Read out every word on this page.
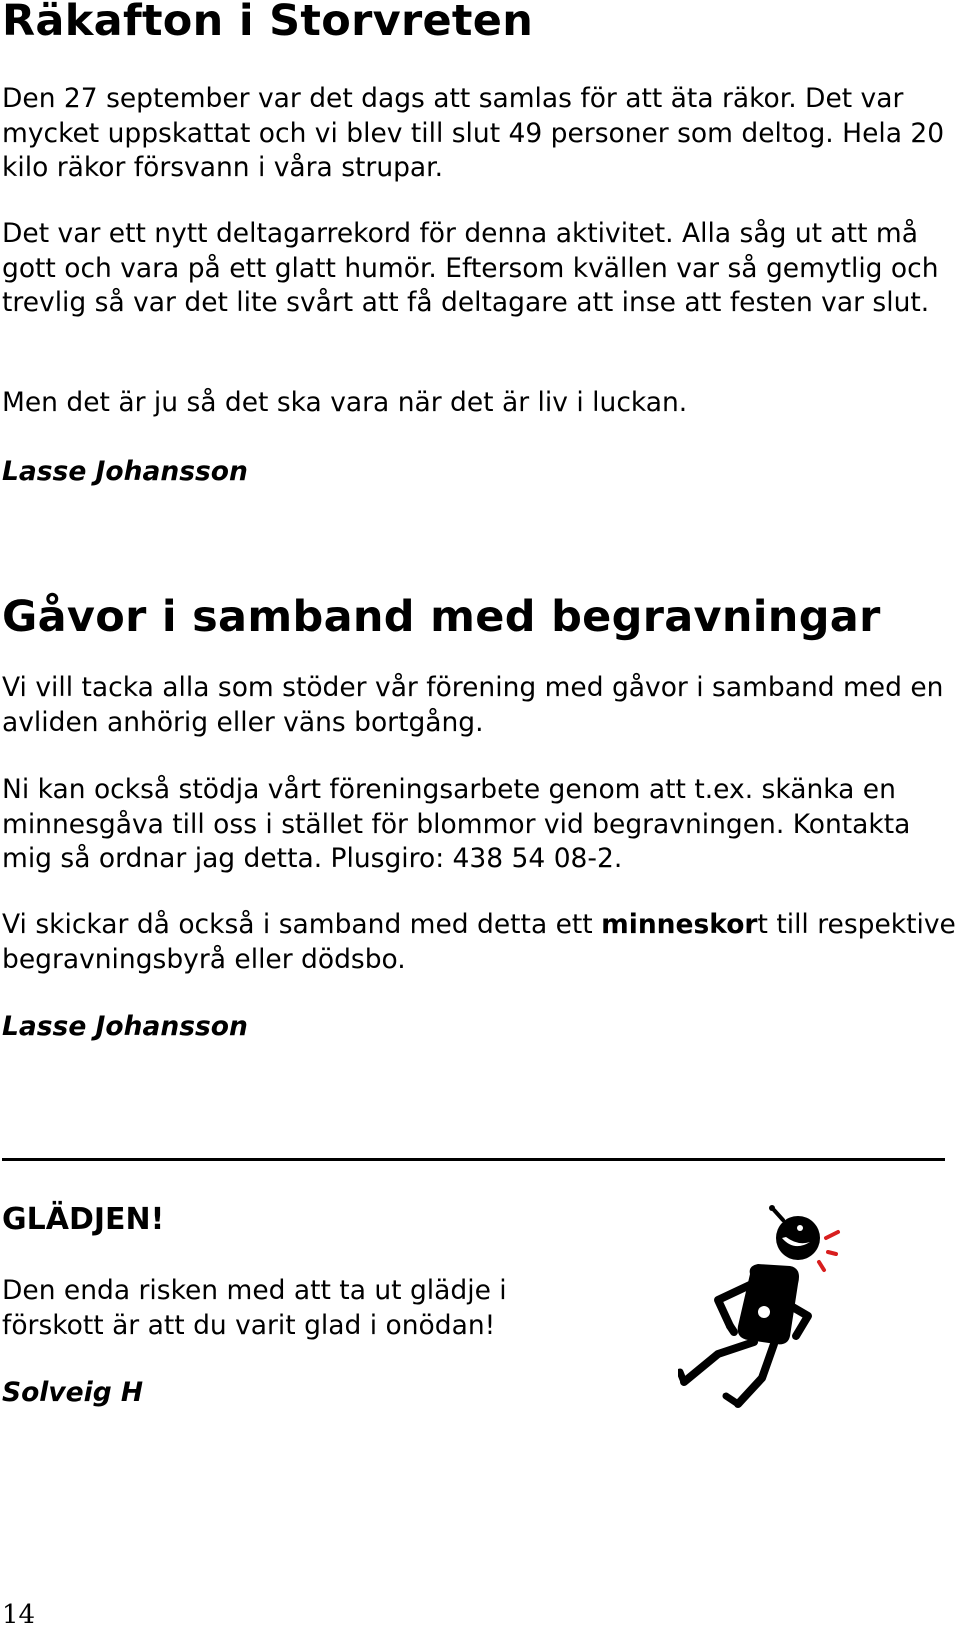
Räkafton i Storvreten

Den 27 september var det dags att samlas för att äta räkor. Det var mycket uppskattat och vi blev till slut 49 personer som deltog. Hela 20 kilo räkor försvann i våra strupar.

Det var ett nytt deltagarrekord för denna aktivitet. Alla såg ut att må gott och vara på ett glatt humör. Eftersom kvällen var så gemytlig och trevlig så var det lite svårt att få deltagare att inse att festen var slut.

Men det är ju så det ska vara när det är liv i luckan.

Lasse Johansson

Gåvor i samband med begravningar

Vi vill tacka alla som stöder vår förening med gåvor i samband med en avliden anhörig eller väns bortgång.

Ni kan också stödja vårt föreningsarbete genom att t.ex. skänka en minnesgåva till oss i stället för blommor vid begravningen. Kontakta mig så ordnar jag detta. Plusgiro: 438 54 08-2.

Vi skickar då också i samband med detta ett minneskort till respektive begravningsbyrå eller dödsbo.

Lasse Johansson

GLÄDJEN!

Den enda risken med att ta ut glädje i förskott är att du varit glad i onödan!

Solveig H

14
